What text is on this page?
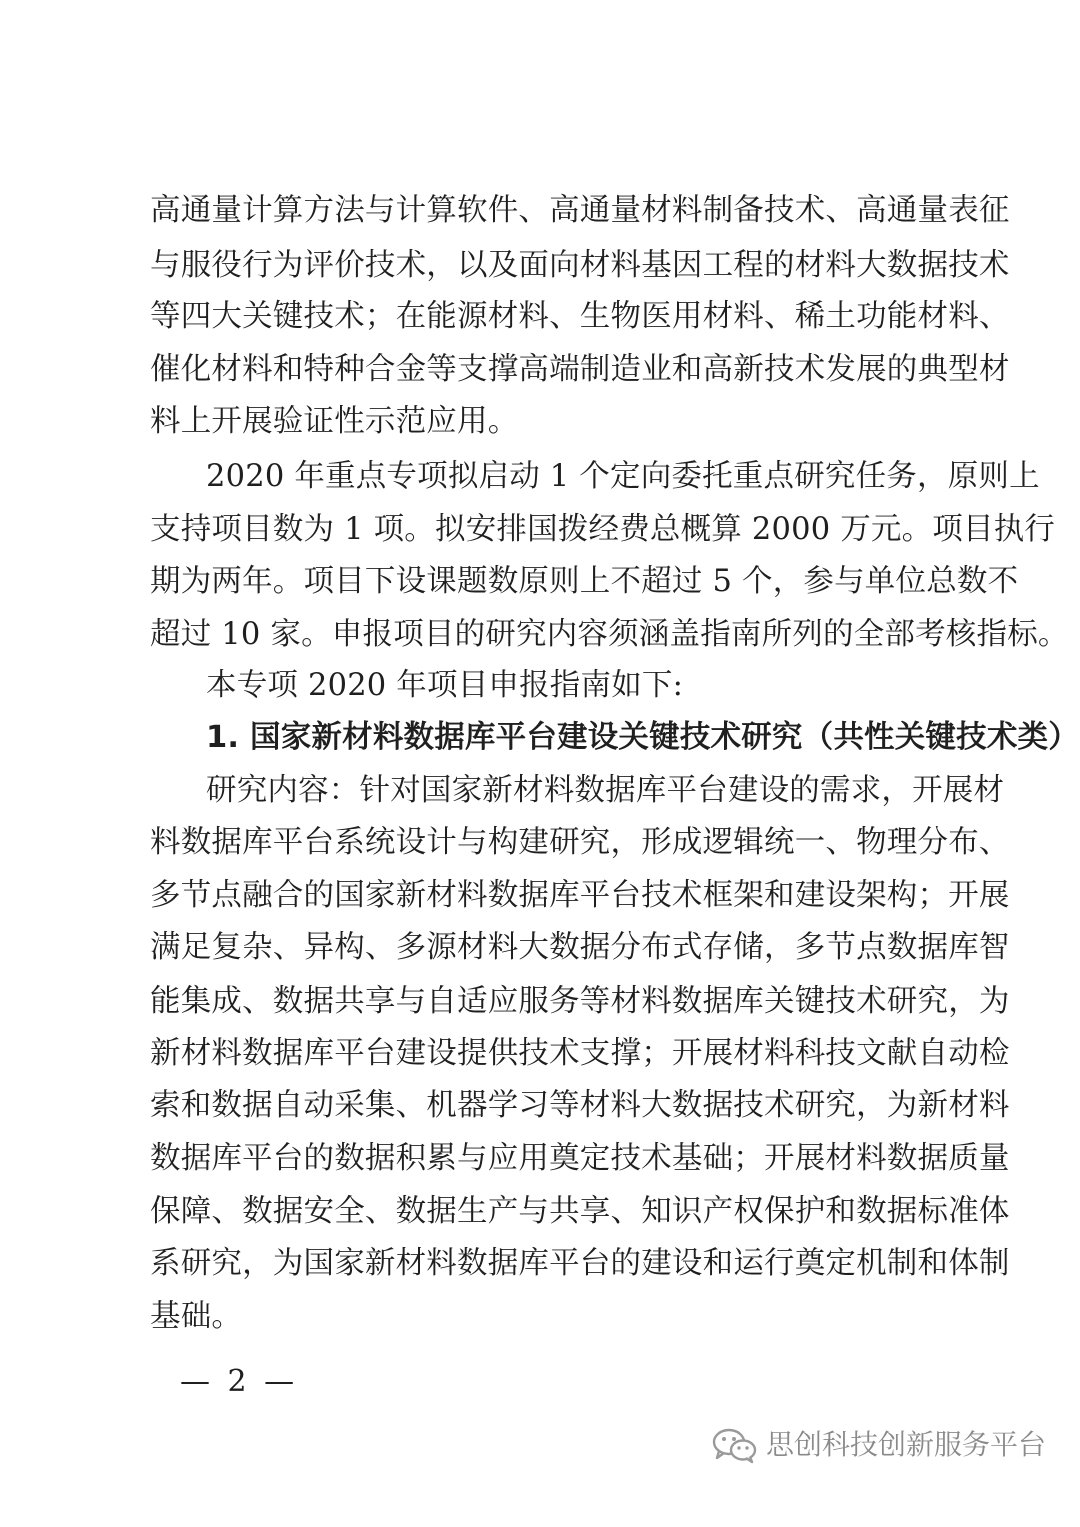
高通量计算方法与计算软件、高通量材料制备技术、高通量表征
与服役行为评价技术，以及面向材料基因工程的材料大数据技术
等四大关键技术；在能源材料、生物医用材料、稀土功能材料、
催化材料和特种合金等支撑高端制造业和高新技术发展的典型材
料上开展验证性示范应用。
2020 年重点专项拟启动 1 个定向委托重点研究任务，原则上
支持项目数为 1 项。拟安排国拨经费总概算 2000 万元。项目执行
期为两年。项目下设课题数原则上不超过 5 个，参与单位总数不
超过 10 家。申报项目的研究内容须涵盖指南所列的全部考核指标。
本专项 2020 年项目申报指南如下:
1. 国家新材料数据库平台建设关键技术研究（共性关键技术类）
研究内容：针对国家新材料数据库平台建设的需求，开展材
料数据库平台系统设计与构建研究，形成逻辑统一、物理分布、
多节点融合的国家新材料数据库平台技术框架和建设架构；开展
满足复杂、异构、多源材料大数据分布式存储，多节点数据库智
能集成、数据共享与自适应服务等材料数据库关键技术研究，为
新材料数据库平台建设提供技术支撑；开展材料科技文献自动检
索和数据自动采集、机器学习等材料大数据技术研究，为新材料
数据库平台的数据积累与应用奠定技术基础；开展材料数据质量
保障、数据安全、数据生产与共享、知识产权保护和数据标准体
系研究，为国家新材料数据库平台的建设和运行奠定机制和体制
基础。
— 2 —
思创科技创新服务平台
